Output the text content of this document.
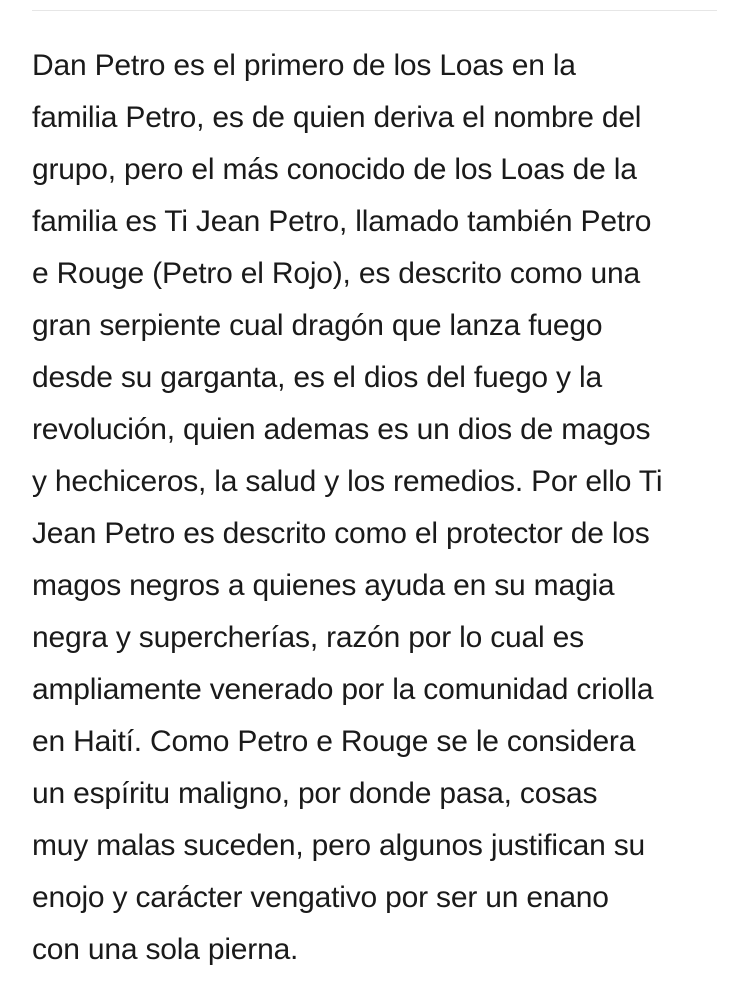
Dan Petro es el primero de los Loas en la
familia Petro, es de quien deriva el nombre del
grupo, pero el más conocido de los Loas de la
familia es Ti Jean Petro, llamado también Petro
e Rouge (Petro el Rojo), es descrito como una
gran serpiente cual dragón que lanza fuego
desde su garganta, es el dios del fuego y la
revolución, quien ademas es un dios de magos
y hechiceros, la salud y los remedios. Por ello Ti
Jean Petro es descrito como el protector de los
magos negros a quienes ayuda en su magia
negra y supercherías, razón por lo cual es
ampliamente venerado por la comunidad criolla
en Haití. Como Petro e Rouge se le considera
un espíritu maligno, por donde pasa, cosas
muy malas suceden, pero algunos justifican su
enojo y carácter vengativo por ser un enano
con una sola pierna.
